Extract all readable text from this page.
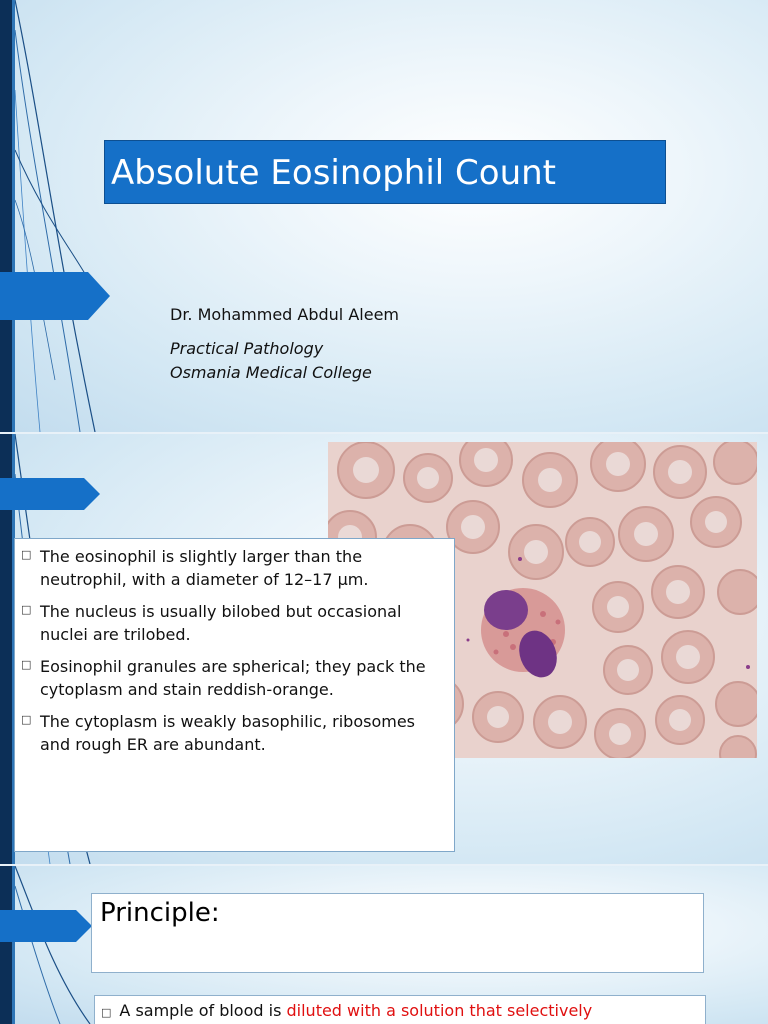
Absolute Eosinophil Count
Dr. Mohammed Abdul Aleem
Practical Pathology
Osmania Medical College
□ The eosinophil is slightly larger than the neutrophil, with a diameter of 12–17 µm.
□ The nucleus is usually bilobed but occasional nuclei are trilobed.
□ Eosinophil granules are spherical; they pack the cytoplasm and stain reddish-orange.
□ The cytoplasm is weakly basophilic, ribosomes and rough ER are abundant.
Principle:
□ A sample of blood is diluted with a solution that selectively
